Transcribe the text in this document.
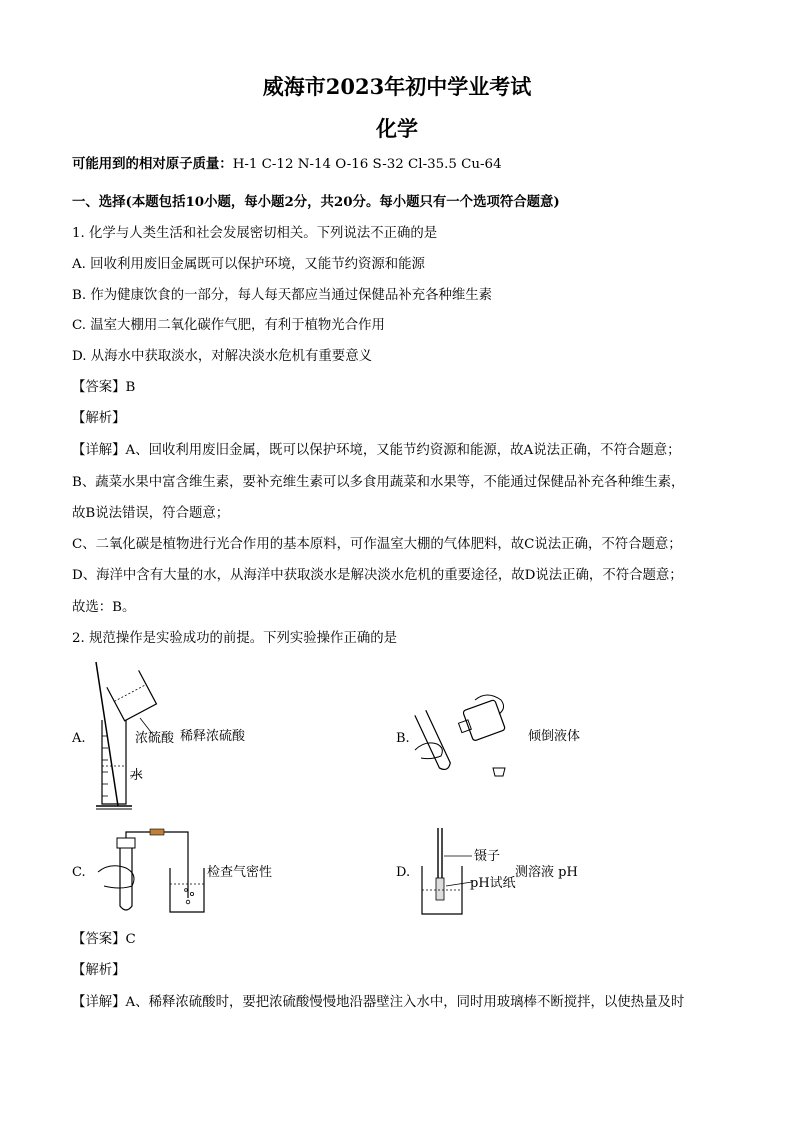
威海市2023年初中学业考试
化学
可能用到的相对原子质量：H-1 C-12 N-14 O-16 S-32 Cl-35.5 Cu-64
一、选择(本题包括10小题，每小题2分，共20分。每小题只有一个选项符合题意)
1. 化学与人类生活和社会发展密切相关。下列说法不正确的是
A. 回收利用废旧金属既可以保护环境，又能节约资源和能源
B. 作为健康饮食的一部分，每人每天都应当通过保健品补充各种维生素
C. 温室大棚用二氧化碳作气肥，有利于植物光合作用
D. 从海水中获取淡水，对解决淡水危机有重要意义
【答案】B
【解析】
【详解】A、回收利用废旧金属，既可以保护环境，又能节约资源和能源，故A说法正确，不符合题意；
B、蔬菜水果中富含维生素，要补充维生素可以多食用蔬菜和水果等，不能通过保健品补充各种维生素，
故B说法错误，符合题意；
C、二氧化碳是植物进行光合作用的基本原料，可作温室大棚的气体肥料，故C说法正确，不符合题意；
D、海洋中含有大量的水，从海洋中获取淡水是解决淡水危机的重要途径，故D说法正确，不符合题意；
故选：B。
2. 规范操作是实验成功的前提。下列实验操作正确的是
A.	浓硫酸 稀释浓硫酸
水
B.	倾倒液体
C.	检查气密性	D.
镊子
pH试纸
测溶液 pH
【答案】C
【解析】
【详解】A、稀释浓硫酸时，要把浓硫酸慢慢地沿器壁注入水中，同时用玻璃棒不断搅拌，以使热量及时
